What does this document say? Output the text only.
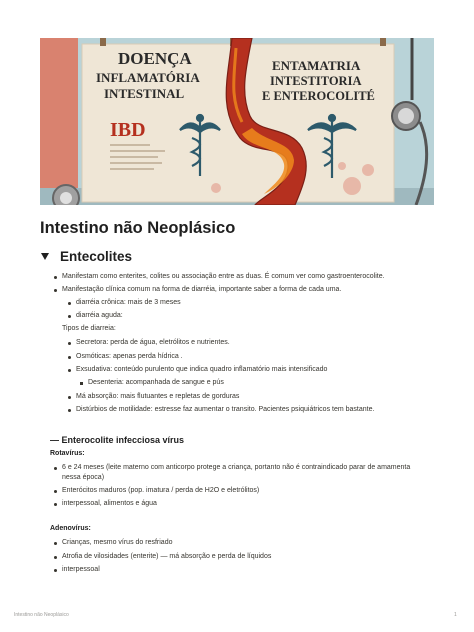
DOENÇA
INFLAMATÓRIA
INTESTINAL
ENTAMATRIA
INTESTITORIA
E ENTEROCOLITÉ
IBD
Intestino não Neoplásico
Entecolites
Manifestam como enterites, colites ou associação entre as duas. É comum ver como gastroenterocolite.
Manifestação clínica comum na forma de diarréia, importante saber a forma de cada uma.
diarréia crônica: mais de 3 meses
diarréia aguda:
Tipos de diarreia:
Secretora: perda de água, eletrólitos e nutrientes.
Osmóticas: apenas perda hídrica .
Exsudativa: conteúdo purulento que indica quadro inflamatório mais intensificado
Desenteria: acompanhada de sangue e pús
Má absorção: mais flutuantes e repletas de gorduras
Distúrbios de motilidade: estresse faz aumentar o transito. Pacientes psiquiátricos tem bastante.
— Enterocolite infecciosa vírus
Rotavírus:
6 e 24 meses (leite materno com anticorpo protege a criança, portanto não é contraindicado parar de amamenta
nessa época)
Enterócitos maduros (pop. imatura / perda de H2O e eletrólitos)
interpessoal, alimentos e água
Adenovírus:
Crianças, mesmo vírus do resfriado
Atrofia de vilosidades (enterite) — má absorção e perda de líquidos
interpessoal
Intestino não Neoplásico	1
